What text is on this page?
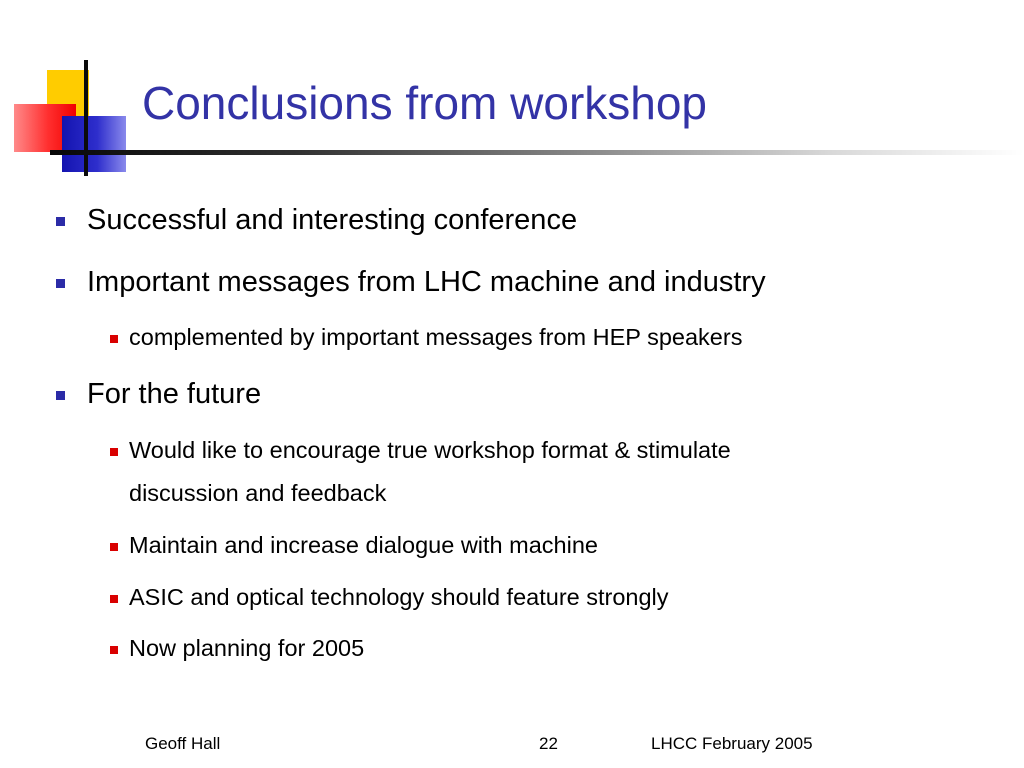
Conclusions from workshop
Successful and interesting conference
Important messages from LHC machine and industry
complemented by important messages from HEP speakers
For the future
Would like to encourage true workshop format & stimulate
discussion and feedback
Maintain and increase dialogue with machine
ASIC and optical technology should feature strongly
Now planning for 2005
Geoff Hall	22	LHCC February 2005
